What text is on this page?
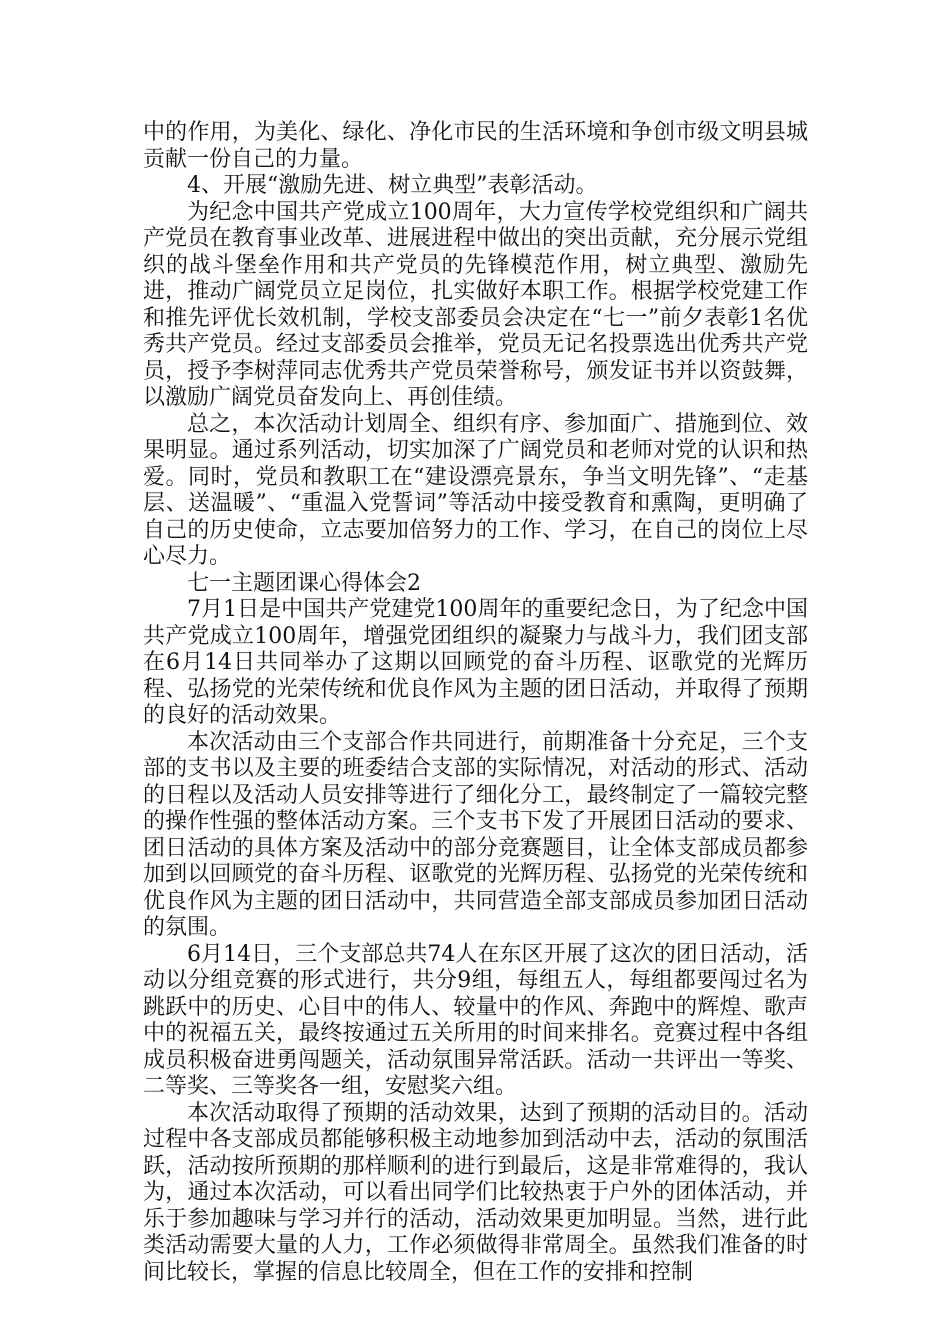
中的作用，为美化、绿化、净化市民的生活环境和争创市级文明县城贡献一份自己的力量。

4、开展“激励先进、树立典型”表彰活动。

为纪念中国共产党成立100周年，大力宣传学校党组织和广阔共产党员在教育事业改革、进展进程中做出的突出贡献，充分展示党组织的战斗堡垒作用和共产党员的先锋模范作用，树立典型、激励先进，推动广阔党员立足岗位，扎实做好本职工作。根据学校党建工作和推先评优长效机制，学校支部委员会决定在“七一”前夕表彰1名优秀共产党员。经过支部委员会推举，党员无记名投票选出优秀共产党员，授予李树萍同志优秀共产党员荣誉称号，颁发证书并以资鼓舞，以激励广阔党员奋发向上、再创佳绩。

总之，本次活动计划周全、组织有序、参加面广、措施到位、效果明显。通过系列活动，切实加深了广阔党员和老师对党的认识和热爱。同时，党员和教职工在“建设漂亮景东，争当文明先锋”、“走基层、送温暖”、“重温入党誓词”等活动中接受教育和熏陶，更明确了自己的历史使命，立志要加倍努力的工作、学习，在自己的岗位上尽心尽力。

七一主题团课心得体会2

7月1日是中国共产党建党100周年的重要纪念日，为了纪念中国共产党成立100周年，增强党团组织的凝聚力与战斗力，我们团支部在6月14日共同举办了这期以回顾党的奋斗历程、讴歌党的光辉历程、弘扬党的光荣传统和优良作风为主题的团日活动，并取得了预期的良好的活动效果。

本次活动由三个支部合作共同进行，前期准备十分充足，三个支部的支书以及主要的班委结合支部的实际情况，对活动的形式、活动的日程以及活动人员安排等进行了细化分工，最终制定了一篇较完整的操作性强的整体活动方案。三个支书下发了开展团日活动的要求、团日活动的具体方案及活动中的部分竞赛题目，让全体支部成员都参加到以回顾党的奋斗历程、讴歌党的光辉历程、弘扬党的光荣传统和优良作风为主题的团日活动中，共同营造全部支部成员参加团日活动的氛围。

6月14日，三个支部总共74人在东区开展了这次的团日活动，活动以分组竞赛的形式进行，共分9组，每组五人，每组都要闯过名为跳跃中的历史、心目中的伟人、较量中的作风、奔跑中的辉煌、歌声中的祝福五关，最终按通过五关所用的时间来排名。竞赛过程中各组成员积极奋进勇闯题关，活动氛围异常活跃。活动一共评出一等奖、二等奖、三等奖各一组，安慰奖六组。

本次活动取得了预期的活动效果，达到了预期的活动目的。活动过程中各支部成员都能够积极主动地参加到活动中去，活动的氛围活跃，活动按所预期的那样顺利的进行到最后，这是非常难得的，我认为，通过本次活动，可以看出同学们比较热衷于户外的团体活动，并乐于参加趣味与学习并行的活动，活动效果更加明显。当然，进行此类活动需要大量的人力，工作必须做得非常周全。虽然我们准备的时间比较长，掌握的信息比较周全，但在工作的安排和控制
